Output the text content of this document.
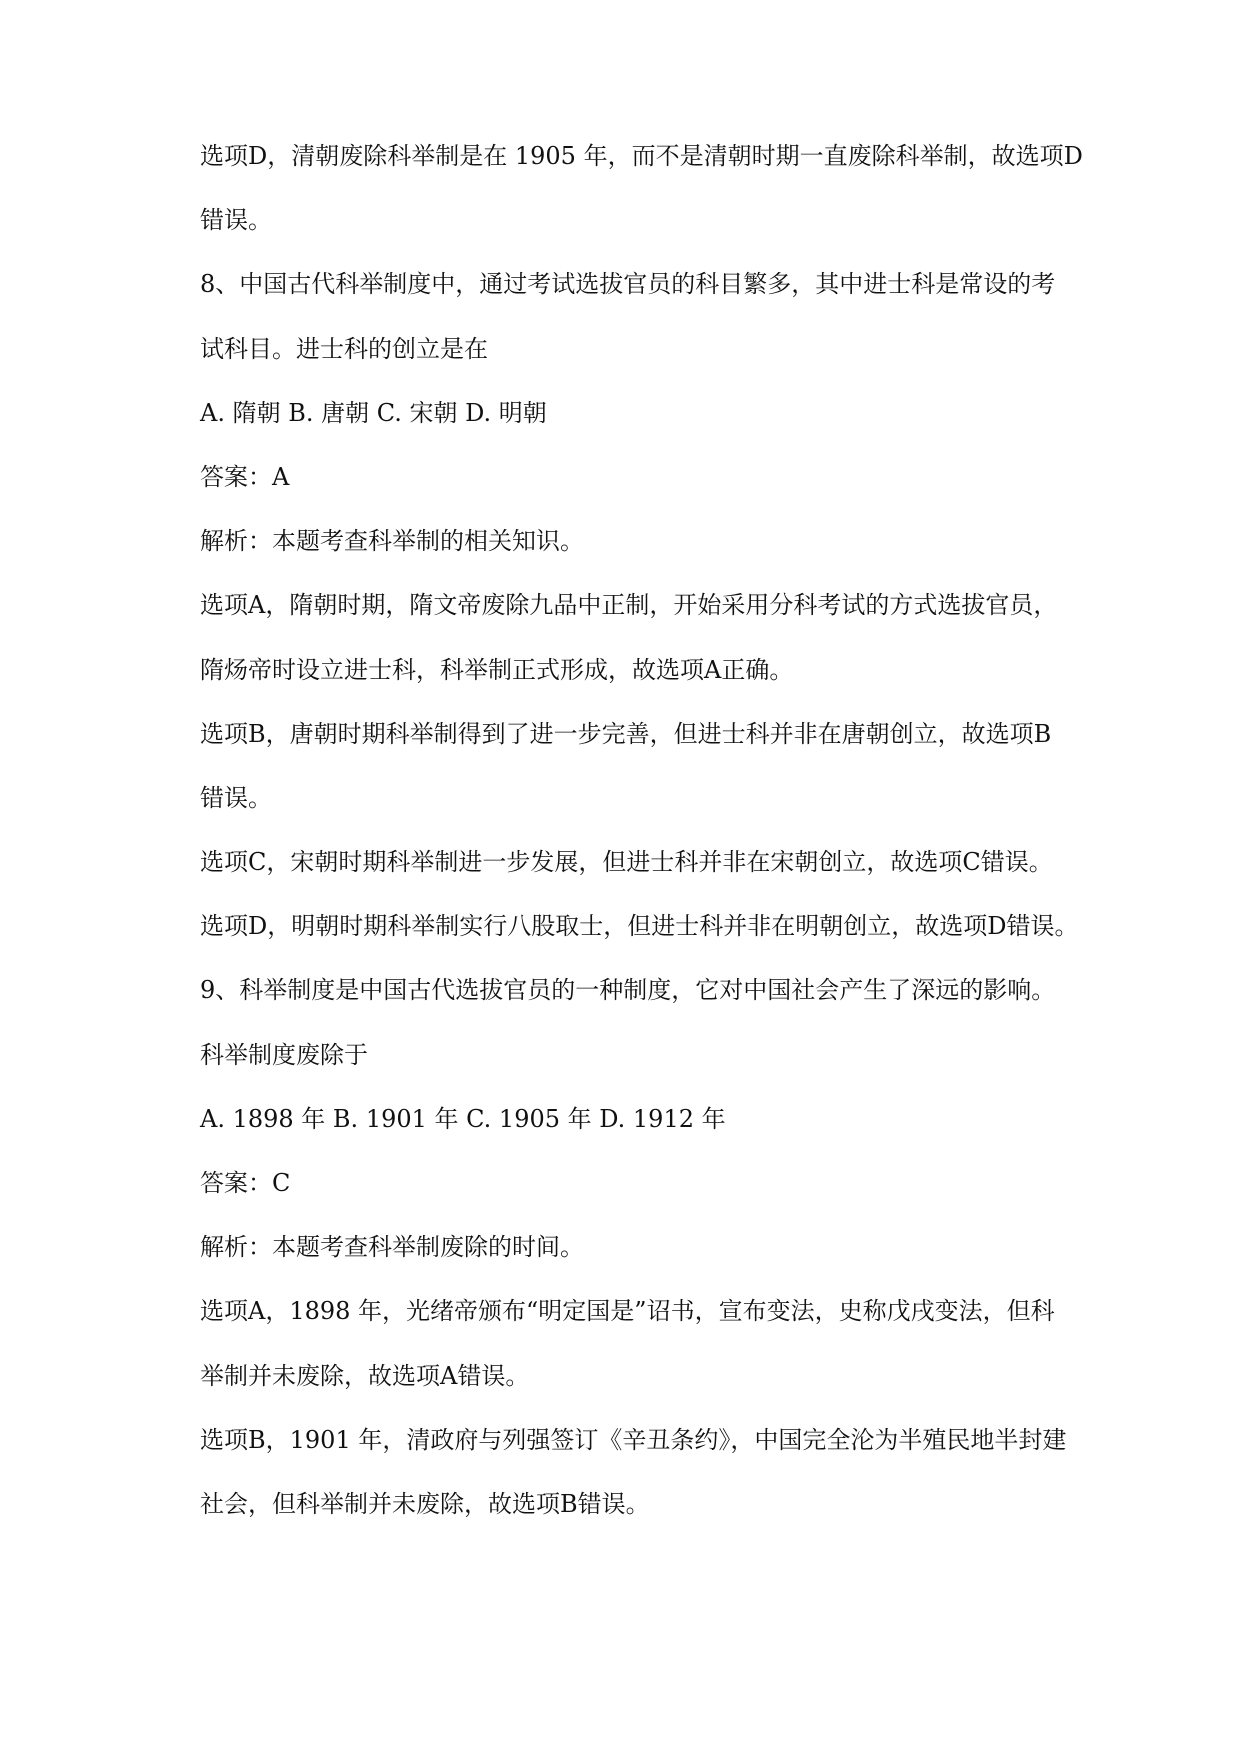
选项D，清朝废除科举制是在 1905 年，而不是清朝时期一直废除科举制，故选项D
错误。
8、中国古代科举制度中，通过考试选拔官员的科目繁多，其中进士科是常设的考
试科目。进士科的创立是在
A. 隋朝 B. 唐朝 C. 宋朝 D. 明朝
答案：A
解析：本题考查科举制的相关知识。
选项A，隋朝时期，隋文帝废除九品中正制，开始采用分科考试的方式选拔官员，
隋炀帝时设立进士科，科举制正式形成，故选项A正确。
选项B，唐朝时期科举制得到了进一步完善，但进士科并非在唐朝创立，故选项B
错误。
选项C，宋朝时期科举制进一步发展，但进士科并非在宋朝创立，故选项C错误。
选项D，明朝时期科举制实行八股取士，但进士科并非在明朝创立，故选项D错误。
9、科举制度是中国古代选拔官员的一种制度，它对中国社会产生了深远的影响。
科举制度废除于
A. 1898 年 B. 1901 年 C. 1905 年 D. 1912 年
答案：C
解析：本题考查科举制废除的时间。
选项A，1898 年，光绪帝颁布“明定国是”诏书，宣布变法，史称戊戌变法，但科
举制并未废除，故选项A错误。
选项B，1901 年，清政府与列强签订《辛丑条约》，中国完全沦为半殖民地半封建
社会，但科举制并未废除，故选项B错误。
